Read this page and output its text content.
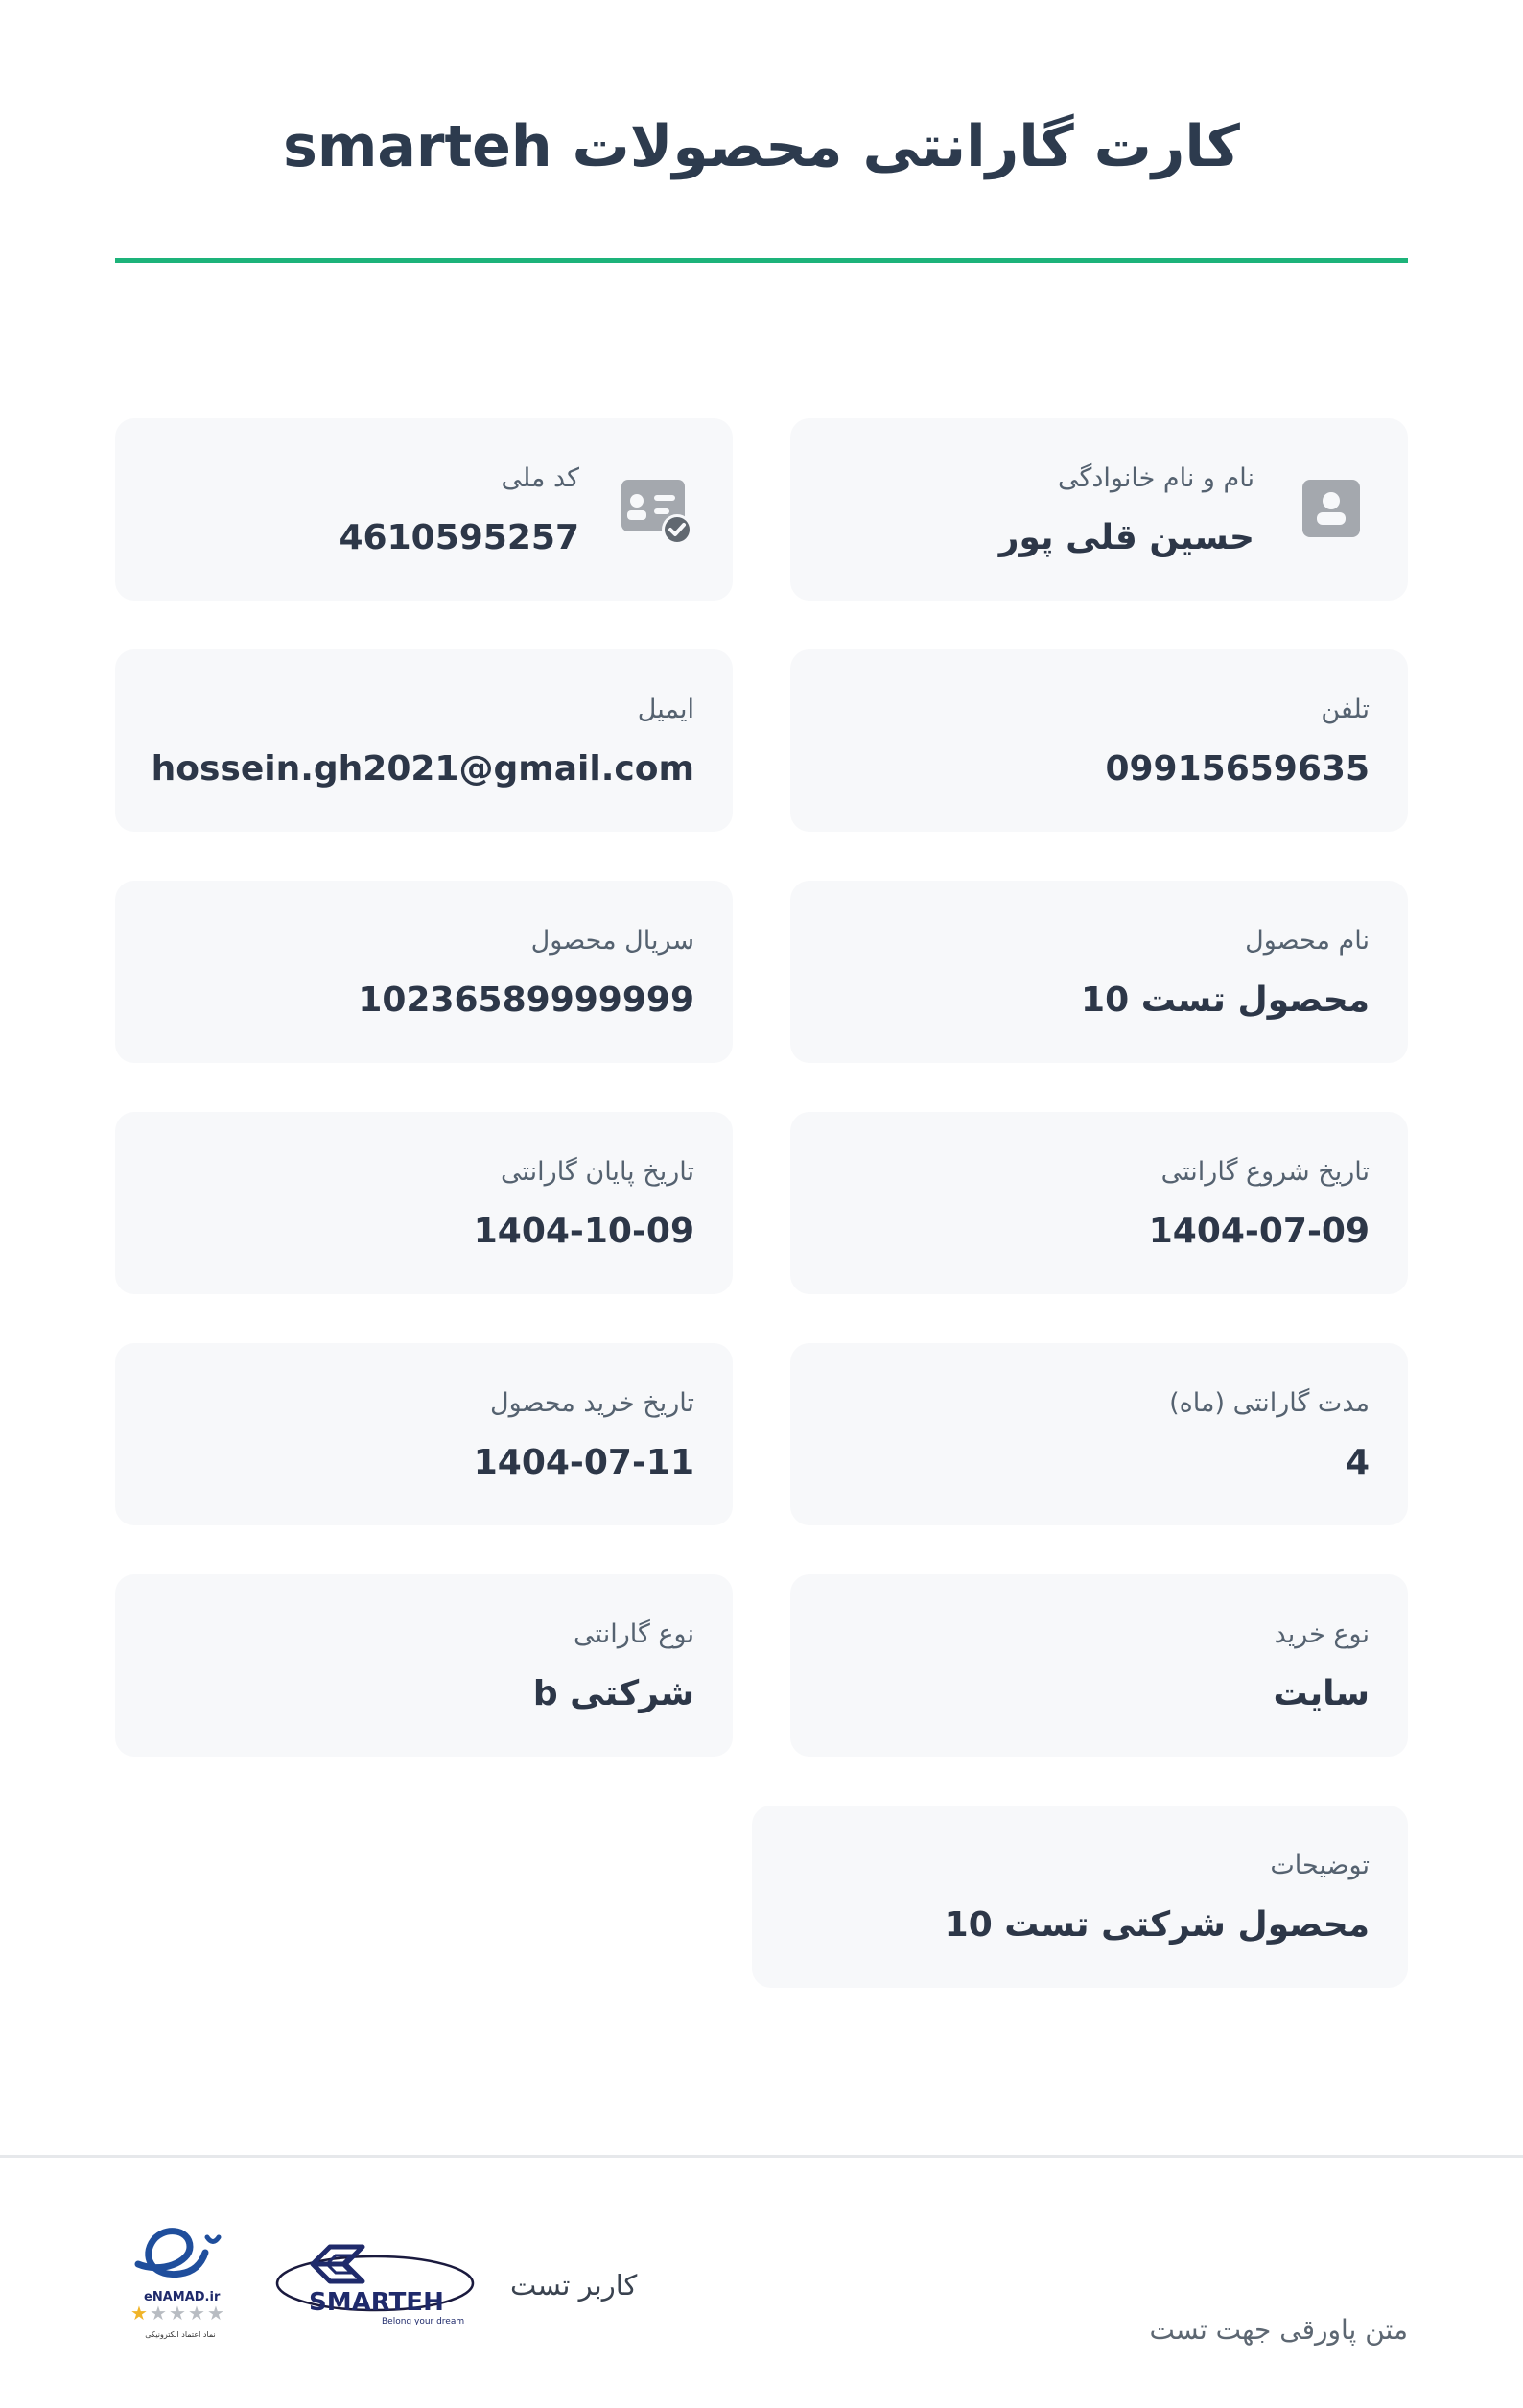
کارت گارانتی محصولات smarteh
نام و نام خانوادگی
حسین قلی پور
کد ملی
4610595257
تلفن
09915659635
ایمیل
hossein.gh2021@gmail.com
نام محصول
محصول تست 10
سریال محصول
10236589999999
تاریخ شروع گارانتی
1404-07-09
تاریخ پایان گارانتی
1404-10-09
مدت گارانتی (ماه)
4
تاریخ خرید محصول
1404-07-11
نوع خرید
سایت
نوع گارانتی
شرکتی b
توضیحات
محصول شرکتی تست 10
متن پاورقی جهت تست
کاربر تست
SMARTEH
Belong your dream
eNAMAD.ir
★ ★ ★ ★ ★
نماد اعتماد الکترونیکی
